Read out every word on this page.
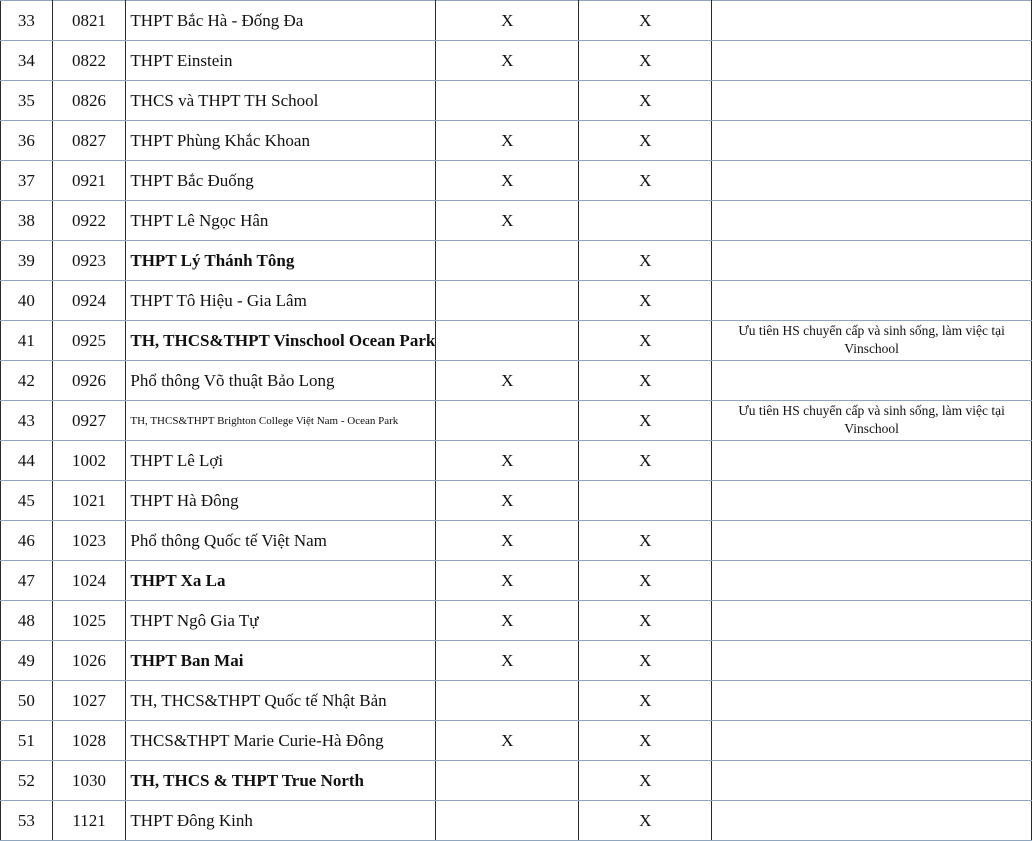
33	0821	THPT Bắc Hà - Đống Đa	X	X	
34	0822	THPT Einstein	X	X	
35	0826	THCS và THPT TH School		X	
36	0827	THPT Phùng Khắc Khoan	X	X	
37	0921	THPT Bắc Đuống	X	X	
38	0922	THPT Lê Ngọc Hân	X		
39	0923	THPT Lý Thánh Tông		X	
40	0924	THPT Tô Hiệu - Gia Lâm		X	
41	0925	TH, THCS&THPT Vinschool Ocean Park		X	Ưu tiên HS chuyển cấp và sinh sống, làm việc tại Vinschool
42	0926	Phổ thông Võ thuật Bảo Long	X	X	
43	0927	TH, THCS&THPT Brighton College Việt Nam - Ocean Park		X	Ưu tiên HS chuyển cấp và sinh sống, làm việc tại Vinschool
44	1002	THPT Lê Lợi	X	X	
45	1021	THPT Hà Đông	X		
46	1023	Phổ thông Quốc tế Việt Nam	X	X	
47	1024	THPT Xa La	X	X	
48	1025	THPT Ngô Gia Tự	X	X	
49	1026	THPT Ban Mai	X	X	
50	1027	TH, THCS&THPT Quốc tế Nhật Bản		X	
51	1028	THCS&THPT Marie Curie-Hà Đông	X	X	
52	1030	TH, THCS & THPT True North		X	
53	1121	THPT Đông Kinh		X	
